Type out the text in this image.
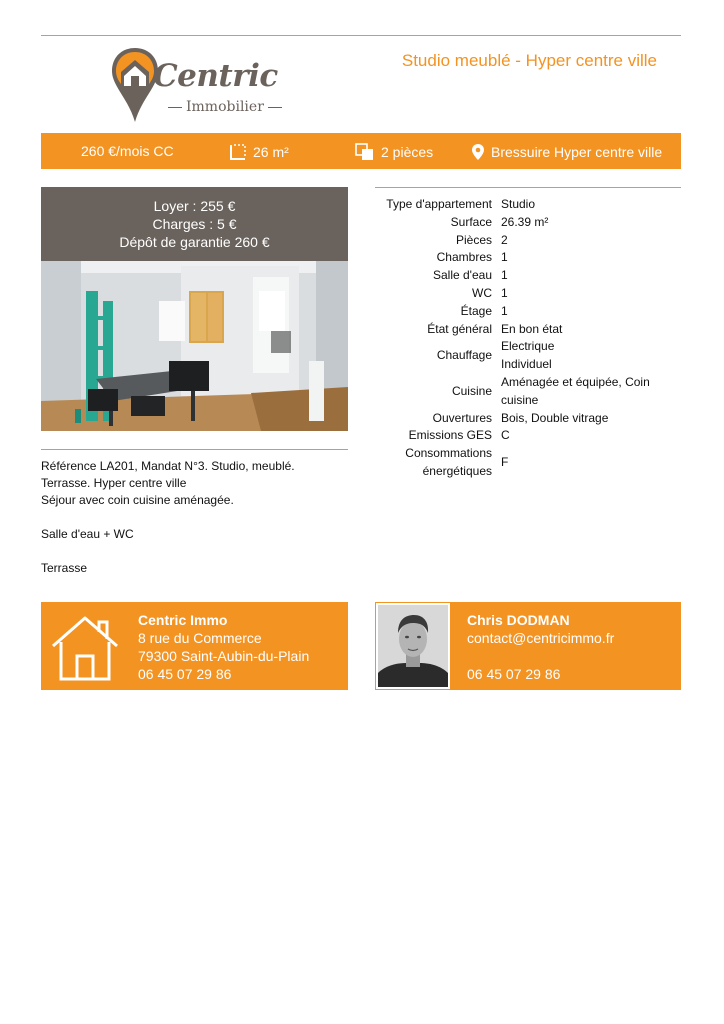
Centric
Immobilier
Studio meublé - Hyper centre ville
260 €/mois CC	26 m²	2 pièces	Bressuire Hyper centre ville
Loyer : 255 €
Charges : 5 €
Dépôt de garantie 260 €
Référence LA201, Mandat N°3. Studio, meublé.
Terrasse. Hyper centre ville
Séjour avec coin cuisine aménagée.

Salle d'eau + WC

Terrasse
Type d'appartement	Studio
Surface	26.39 m²
Pièces	2
Chambres	1
Salle d'eau	1
WC	1
Étage	1
État général	En bon état
Chauffage	Electrique
Individuel
Cuisine	Aménagée et équipée, Coin
cuisine
Ouvertures	Bois, Double vitrage
Emissions GES	C
Consommations
énergétiques	F
Centric Immo
8 rue du Commerce
79300 Saint-Aubin-du-Plain
06 45 07 29 86
Chris DODMAN
contact@centricimmo.fr

06 45 07 29 86
